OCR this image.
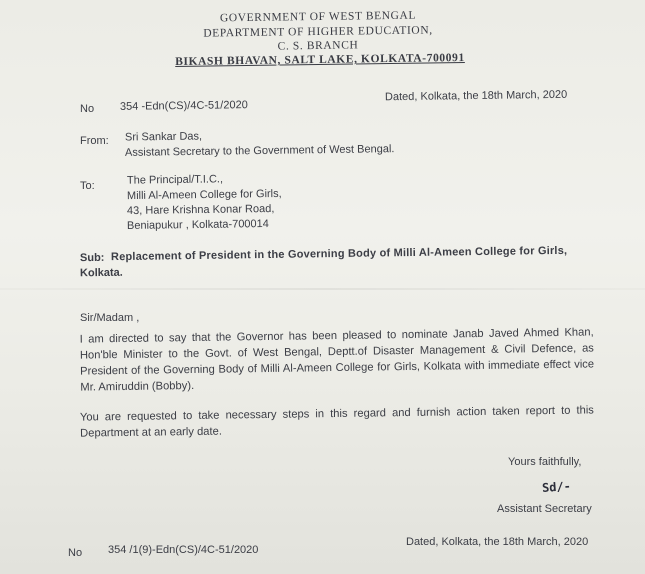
GOVERNMENT OF WEST BENGAL
DEPARTMENT OF HIGHER EDUCATION,
C. S. BRANCH
BIKASH BHAVAN, SALT LAKE, KOLKATA-700091
No 354 -Edn(CS)/4C-51/2020
Dated, Kolkata, the 18th March, 2020
From: Sri Sankar Das,
Assistant Secretary to the Government of West Bengal.
To:	The Principal/T.I.C.,
Milli Al-Ameen College for Girls,
43, Hare Krishna Konar Road,
Beniapukur , Kolkata-700014
Sub: Replacement of President in the Governing Body of Milli Al-Ameen College for Girls,
Kolkata.
Sir/Madam ,
I am directed to say that the Governor has been pleased to nominate Janab Javed Ahmed Khan, Hon'ble Minister to the Govt. of West Bengal, Deptt.of Disaster Management & Civil Defence, as President of the Governing Body of Milli Al-Ameen College for Girls, Kolkata with immediate effect vice Mr. Amiruddin (Bobby).
You are requested to take necessary steps in this regard and furnish action taken report to this Department at an early date.
Yours faithfully,
Sd/-
Assistant Secretary
No 354 /1(9)-Edn(CS)/4C-51/2020
Dated, Kolkata, the 18th March, 2020
